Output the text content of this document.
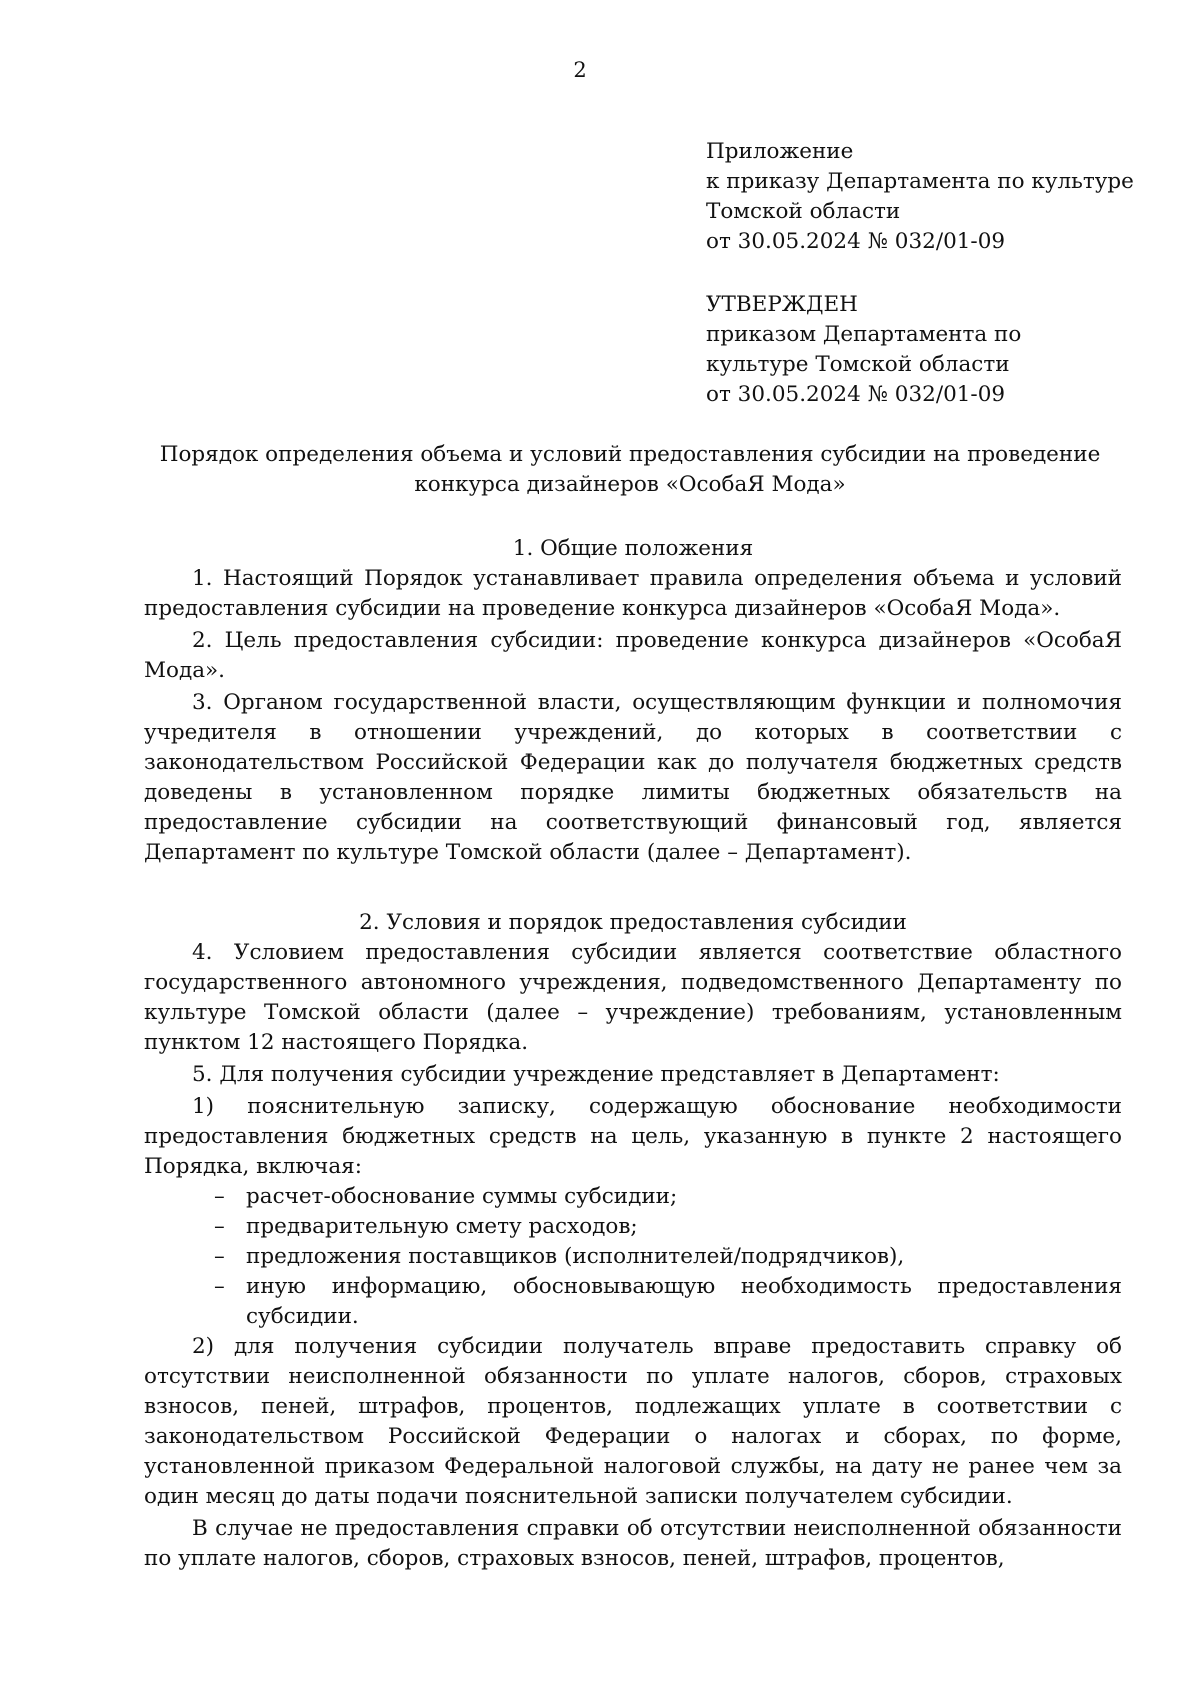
2
Приложение
к приказу Департамента по культуре
Томской области
от 30.05.2024 № 032/01-09
УТВЕРЖДЕН
приказом Департамента по
культуре Томской области
от 30.05.2024 № 032/01-09
Порядок определения объема и условий предоставления субсидии на проведение конкурса дизайнеров «ОсобаЯ Мода»

1. Общие положения

1. Настоящий Порядок устанавливает правила определения объема и условий предоставления субсидии на проведение конкурса дизайнеров «ОсобаЯ Мода».

2. Цель предоставления субсидии: проведение конкурса дизайнеров «ОсобаЯ Мода».

3. Органом государственной власти, осуществляющим функции и полномочия учредителя в отношении учреждений, до которых в соответствии с законодательством Российской Федерации как до получателя бюджетных средств доведены в установленном порядке лимиты бюджетных обязательств на предоставление субсидии на соответствующий финансовый год, является Департамент по культуре Томской области (далее – Департамент).

2. Условия и порядок предоставления субсидии

4. Условием предоставления субсидии является соответствие областного государственного автономного учреждения, подведомственного Департаменту по культуре Томской области (далее – учреждение) требованиям, установленным пунктом 12 настоящего Порядка.

5. Для получения субсидии учреждение представляет в Департамент:

1) пояснительную записку, содержащую обоснование необходимости предоставления бюджетных средств на цель, указанную в пункте 2 настоящего Порядка, включая:

– расчет-обоснование суммы субсидии;
– предварительную смету расходов;
– предложения поставщиков (исполнителей/подрядчиков),
– иную информацию, обосновывающую необходимость предоставления субсидии.

2) для получения субсидии получатель вправе предоставить справку об отсутствии неисполненной обязанности по уплате налогов, сборов, страховых взносов, пеней, штрафов, процентов, подлежащих уплате в соответствии с законодательством Российской Федерации о налогах и сборах, по форме, установленной приказом Федеральной налоговой службы, на дату не ранее чем за один месяц до даты подачи пояснительной записки получателем субсидии.

В случае не предоставления справки об отсутствии неисполненной обязанности по уплате налогов, сборов, страховых взносов, пеней, штрафов, процентов,
